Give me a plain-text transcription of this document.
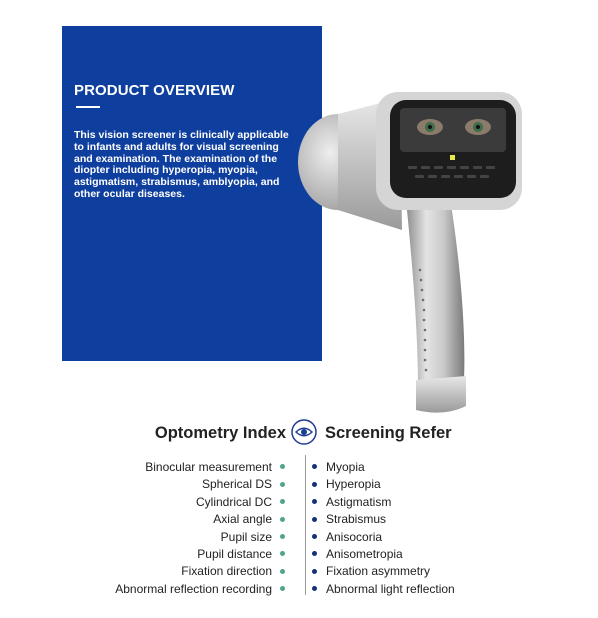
PRODUCT OVERVIEW

This vision screener is clinically applicable to infants and adults for visual screening and examination. The examination of the diopter including hyperopia, myopia, astigmatism, strabismus, amblyopia, and other ocular diseases.

Optometry Index Screening Refer
Binocular measurement
Spherical DS
Cylindrical DC
Axial angle
Pupil size
Pupil distance
Fixation direction
Abnormal reflection recording
Myopia
Hyperopia
Astigmatism
Strabismus
Anisocoria
Anisometropia
Fixation asymmetry
Abnormal light reflection
